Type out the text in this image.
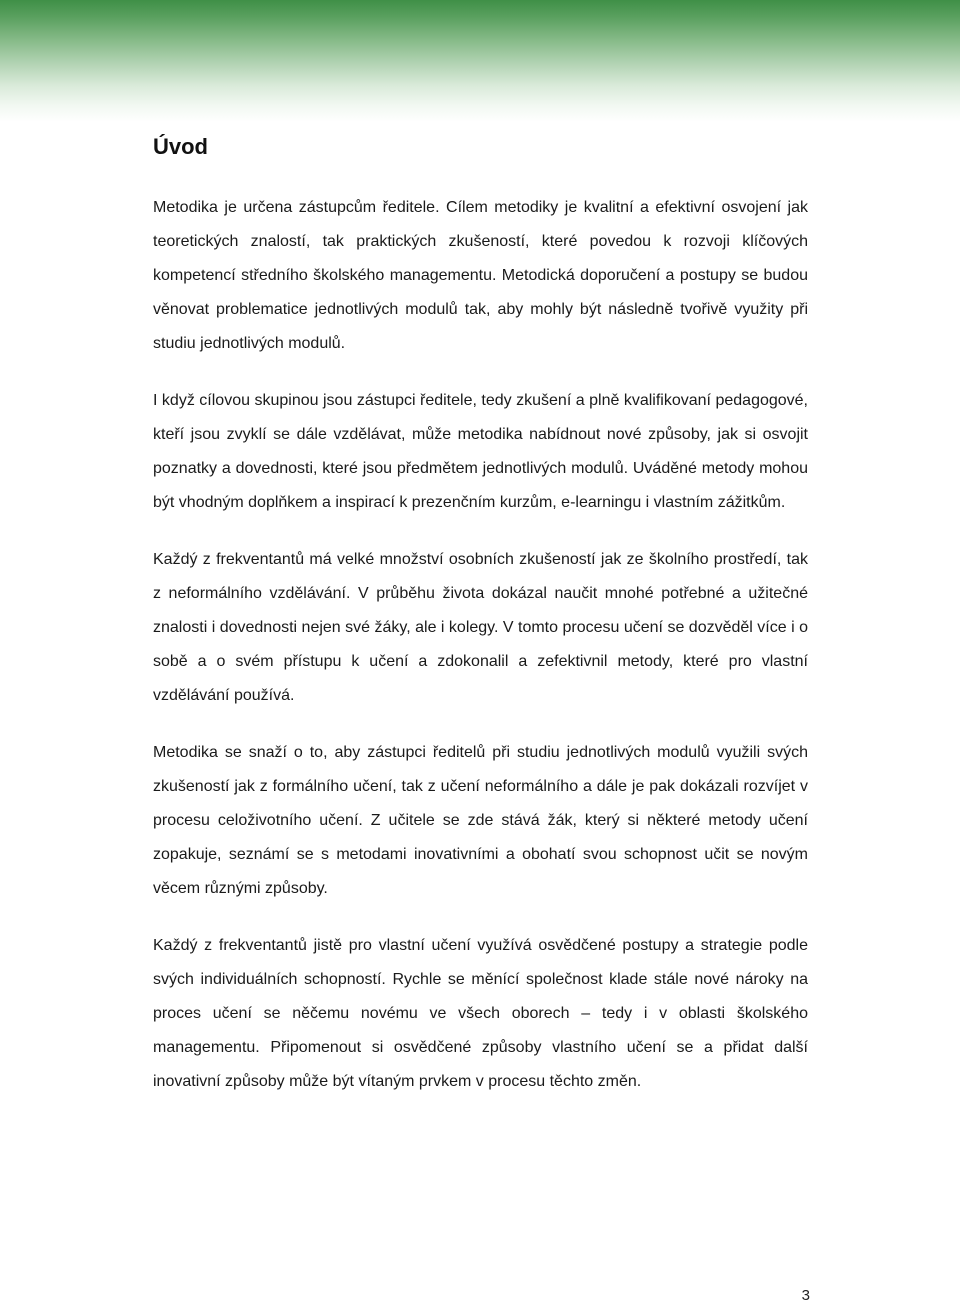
Úvod

Metodika je určena zástupcům ředitele. Cílem metodiky je kvalitní a efektivní osvojení jak teoretických znalostí, tak praktických zkušeností, které povedou k rozvoji klíčových kompetencí středního školského managementu. Metodická doporučení a postupy se budou věnovat problematice jednotlivých modulů tak, aby mohly být následně tvořivě využity při studiu jednotlivých modulů.

I když cílovou skupinou jsou zástupci ředitele, tedy zkušení a plně kvalifikovaní pedagogové, kteří jsou zvyklí se dále vzdělávat, může metodika nabídnout nové způsoby, jak si osvojit poznatky a dovednosti, které jsou předmětem jednotlivých modulů. Uváděné metody mohou být vhodným doplňkem a inspirací k prezenčním kurzům, e-learningu i vlastním zážitkům.

Každý z frekventantů má velké množství osobních zkušeností jak ze školního prostředí, tak z neformálního vzdělávání. V průběhu života dokázal naučit mnohé potřebné a užitečné znalosti i dovednosti nejen své žáky, ale i kolegy. V tomto procesu učení se dozvěděl více i o sobě a o svém přístupu k učení a zdokonalil a zefektivnil metody, které pro vlastní vzdělávání používá.

Metodika se snaží o to, aby zástupci ředitelů při studiu jednotlivých modulů využili svých zkušeností jak z formálního učení, tak z učení neformálního a dále je pak dokázali rozvíjet v procesu celoživotního učení. Z učitele se zde stává žák, který si některé metody učení zopakuje, seznámí se s metodami inovativními a obohatí svou schopnost učit se novým věcem různými způsoby.

Každý z frekventantů jistě pro vlastní učení využívá osvědčené postupy a strategie podle svých individuálních schopností. Rychle se měnící společnost klade stále nové nároky na proces učení se něčemu novému ve všech oborech – tedy i v oblasti školského managementu. Připomenout si osvědčené způsoby vlastního učení se a přidat další inovativní způsoby může být vítaným prvkem v procesu těchto změn.

3
